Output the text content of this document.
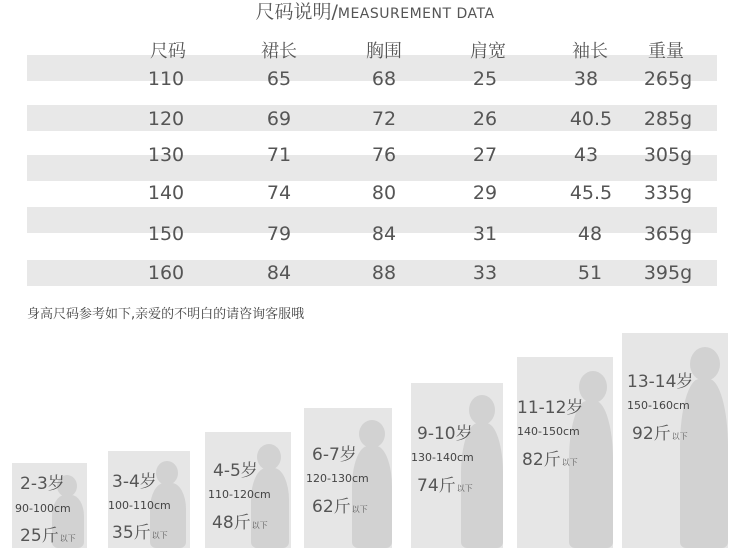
尺码说明/MEASUREMENT DATA
尺码	裙长	胸围	肩宽	袖长 重量
110	65	68	25	38 265g
120	69	72	26	40.5 285g
130	71	76	27	43 305g
140	74	80	29	45.5 335g
150	79	84	31	48 365g
160	84	88	33	51 395g
身高尺码参考如下,亲爱的不明白的请咨询客服哦
2-3岁
90-100cm
25斤以下
3-4岁
100-110cm
35斤以下
4-5岁
110-120cm
48斤以下
6-7岁
120-130cm
62斤以下
9-10岁
130-140cm
74斤以下
11-12岁
140-150cm
82斤以下
13-14岁
150-160cm
92斤以下
